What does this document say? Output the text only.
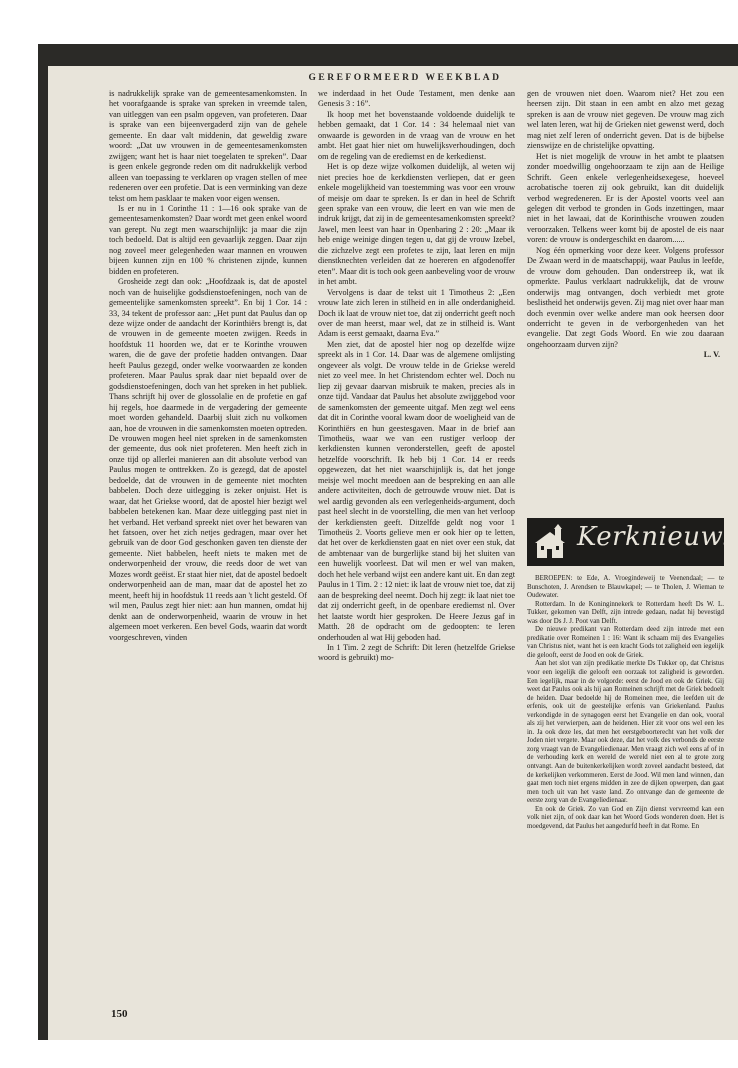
GEREFORMEERD WEEKBLAD

is nadrukkelijk sprake van de gemeentesamenkomsten. In het voorafgaande is sprake van spreken in vreemde talen, van uitleggen van een psalm opgeven, van profeteren. Daar is sprake van een bijeenvergaderd zijn van de gehele gemeente. En daar valt middenin, dat geweldig zware woord: „Dat uw vrouwen in de gemeentesamenkomsten zwijgen; want het is haar niet toegelaten te spreken”. Daar is geen enkele gegronde reden om dit nadrukkelijk verbod alleen van toepassing te verklaren op vragen stellen of mee redeneren over een profetie. Dat is een verminking van deze tekst om hem pasklaar te maken voor eigen wensen.

Is er nu in 1 Corinthe 11 : 1—16 ook sprake van de gemeentesamenkomsten? Daar wordt met geen enkel woord van gerept. Nu zegt men waarschijnlijk: ja maar die zijn toch bedoeld. Dat is altijd een gevaarlijk zeggen. Daar zijn nog zoveel meer gelegenheden waar mannen en vrouwen bijeen kunnen zijn en 100 % christenen zijnde, kunnen bidden en profeteren.

Grosheide zegt dan ook: „Hoofdzaak is, dat de apostel noch van de huiselijke godsdienstoefeningen, noch van de gemeentelijke samenkomsten spreekt”. En bij 1 Cor. 14 : 33, 34 tekent de professor aan: „Het punt dat Paulus dan op deze wijze onder de aandacht der Korinthiërs brengt is, dat de vrouwen in de gemeente moeten zwijgen. Reeds in hoofdstuk 11 hoorden we, dat er te Korinthe vrouwen waren, die de gave der profetie hadden ontvangen. Daar heeft Paulus gezegd, onder welke voorwaarden ze konden profeteren. Maar Paulus sprak daar niet bepaald over de godsdienstoefeningen, doch van het spreken in het publiek. Thans schrijft hij over de glossolalie en de profetie en gaf hij regels, hoe daarmede in de vergadering der gemeente moet worden gehandeld. Daarbij sluit zich nu volkomen aan, hoe de vrouwen in die samenkomsten moeten optreden. De vrouwen mogen heel niet spreken in de samenkomsten der gemeente, dus ook niet profeteren. Men heeft zich in onze tijd op allerlei manieren aan dit absolute verbod van Paulus mogen te onttrekken. Zo is gezegd, dat de apostel bedoelde, dat de vrouwen in de gemeente niet mochten babbelen. Doch deze uitlegging is zeker onjuist. Het is waar, dat het Griekse woord, dat de apostel hier bezigt wel babbelen betekenen kan. Maar deze uitlegging past niet in het verband. Het verband spreekt niet over het bewaren van het fatsoen, over het zich netjes gedragen, maar over het gebruik van de door God geschonken gaven ten dienste der gemeente. Niet babbelen, heeft niets te maken met de onderworpenheid der vrouw, die reeds door de wet van Mozes wordt geëist. Er staat hier niet, dat de apostel bedoelt onderworpenheid aan de man, maar dat de apostel het zo meent, heeft hij in hoofdstuk 11 reeds aan 't licht gesteld. Of wil men, Paulus zegt hier niet: aan hun mannen, omdat hij denkt aan de onderworpenheid, waarin de vrouw in het algemeen moet verkeren. Een bevel Gods, waarin dat wordt voorgeschreven, vinden

we inderdaad in het Oude Testament, men denke aan Genesis 3 : 16”.

Ik hoop met het bovenstaande voldoende duidelijk te hebben gemaakt, dat 1 Cor. 14 : 34 helemaal niet van onwaarde is geworden in de vraag van de vrouw en het ambt. Het gaat hier niet om huwelijksverhoudingen, doch om de regeling van de erediemst en de kerkedienst.

Het is op deze wijze volkomen duidelijk, al weten wij niet precies hoe de kerkdiensten verliepen, dat er geen enkele mogelijkheid van toestemming was voor een vrouw of meisje om daar te spreken. Is er dan in heel de Schrift geen sprake van een vrouw, die leert en van wie men de indruk krijgt, dat zij in de gemeentesamenkomsten spreekt? Jawel, men leest van haar in Openbaring 2 : 20: „Maar ik heb enige weinige dingen tegen u, dat gij de vrouw Izebel, die zichzelve zegt een profetes te zijn, laat leren en mijn dienstknechten verleiden dat ze hoereren en afgodenoffer eten”. Maar dit is toch ook geen aanbeveling voor de vrouw in het ambt.

Vervolgens is daar de tekst uit 1 Timotheus 2: „Een vrouw late zich leren in stilheid en in alle onderdanigheid. Doch ik laat de vrouw niet toe, dat zij onderricht geeft noch over de man heerst, maar wel, dat ze in stilheid is. Want Adam is eerst gemaakt, daarna Eva.”

Men ziet, dat de apostel hier nog op dezelfde wijze spreekt als in 1 Cor. 14. Daar was de algemene omlijsting ongeveer als volgt. De vrouw telde in de Griekse wereld niet zo veel mee. In het Christendom echter wel. Doch nu liep zij gevaar daarvan misbruik te maken, precies als in onze tijd. Vandaar dat Paulus het absolute zwijggebod voor de samenkomsten der gemeente uitgaf. Men zegt wel eens dat dit in Corinthe vooral kwam door de woeligheid van de Korinthiërs en hun geestesgaven. Maar in de brief aan Timotheüs, waar we van een rustiger verloop der kerkdiensten kunnen veronderstellen, geeft de apostel hetzelfde voorschrift. Ik heb bij 1 Cor. 14 er reeds opgewezen, dat het niet waarschijnlijk is, dat het jonge meisje wel mocht meedoen aan de bespreking en aan alle andere activiteiten, doch de getrouwde vrouw niet. Dat is wel aardig gevonden als een verlegenheids-argument, doch past heel slecht in de voorstelling, die men van het verloop der kerkdiensten geeft. Ditzelfde geldt nog voor 1 Timotheüs 2. Voorts gelieve men er ook hier op te letten, dat het over de kerkdiensten gaat en niet over een stuk, dat de ambtenaar van de burgerlijke stand bij het sluiten van een huwelijk voorleest. Dat wil men er wel van maken, doch het hele verband wijst een andere kant uit. En dan zegt Paulus in 1 Tim. 2 : 12 niet: ik laat de vrouw niet toe, dat zij aan de bespreking deel neemt. Doch hij zegt: ik laat niet toe dat zij onderricht geeft, in de openbare erediemst nl. Over het laatste wordt hier gesproken. De Heere Jezus gaf in Matth. 28 de opdracht om de gedoopten: te leren onderhouden al wat Hij geboden had.

In 1 Tim. 2 zegt de Schrift: Dit leren (hetzelfde Griekse woord is gebruikt) mo-

gen de vrouwen niet doen. Waarom niet? Het zou een heersen zijn. Dit staan in een ambt en alzo met gezag spreken is aan de vrouw niet gegeven. De vrouw mag zich wel laten leren, wat hij de Grieken niet gewenst werd, doch mag niet zelf leren of onderricht geven. Dat is de bijbelse zienswijze en de christelijke opvatting.

Het is niet mogelijk de vrouw in het ambt te plaatsen zonder moedwillig ongehoorzaam te zijn aan de Heilige Schrift. Geen enkele verlegenheidsexegese, hoeveel acrobatische toeren zij ook gebruikt, kan dit duidelijk verbod wegredeneren. Er is der Apostel voorts veel aan gelegen dit verbod te gronden in Gods inzettingen, maar niet in het lawaai, dat de Korinthische vrouwen zouden veroorzaken. Telkens weer komt bij de apostel de eis naar voren: de vrouw is ondergeschikt en daarom......

Nog één opmerking voor deze keer. Volgens professor De Zwaan werd in de maatschappij, waar Paulus in leefde, de vrouw dom gehouden. Dan onderstreep ik, wat ik opmerkte. Paulus verklaart nadrukkelijk, dat de vrouw onderwijs mag ontvangen, doch verbiedt met grote beslistheid het onderwijs geven. Zij mag niet over haar man doch evenmin over welke andere man ook heersen door onderricht te geven in de verborgenheden van het evangelie. Dat zegt Gods Woord. En wie zou daaraan ongehoorzaam durven zijn?

L. V.
Kerknieuws

BEROEPEN: te Ede, A. Vroegindeweij te Veenendaal; — te Bunschoten, J. Arendsen te Blauwkapel; — te Tholen, J. Wieman te Oudewater.

Rotterdam. In de Koninginnekerk te Rotterdam heeft Ds W. L. Tukker, gekomen van Delft, zijn intrede gedaan, nadat hij bevestigd was door Ds J. J. Poot van Delft.

De nieuwe predikant van Rotterdam deed zijn intrede met een predikatie over Romeinen 1 : 16: Want ik schaam mij des Evangelies van Christus niet, want het is een kracht Gods tot zaligheid een iegelijk die gelooft, eerst de Jood en ook de Griek.

Aan het slot van zijn predikatie merkte Ds Tukker op, dat Christus voor een iegelijk die gelooft een oorzaak tot zaligheid is geworden. Een iegelijk, maar in de volgorde: eerst de Jood en ook de Griek. Gij weet dat Paulus ook als hij aan Romeinen schrijft met de Griek bedoelt de heiden. Daar bedoelde hij de Romeinen mee, die leefden uit de erfenis, ook uit de geestelijke erfenis van Griekenland. Paulus verkondigde in de synagogen eerst het Evangelie en dan ook, vooral als zij het verwierpen, aan de heidenen. Hier zit voor ons wel een les in. Ja ook deze les, dat men het eerstgeboorterecht van het volk der Joden niet vergete. Maar ook deze, dat het volk des verbonds de eerste zorg vraagt van de Evangeliedienaar. Men vraagt zich wel eens af of in de verhouding kerk en wereld de wereld niet een al te grote zorg ontvangt. Aan de buitenkerkelijken wordt zoveel aandacht besteed, dat de kerkelijken verkommeren. Eerst de Jood. Wil men land winnen, dan gaat men toch niet ergens midden in zee de dijken opwerpen, dan gaat men toch uit van het vaste land. Zo ontvange dan de gemeente de eerste zorg van de Evangeliedienaar.

En ook de Griek. Zo van God en Zijn dienst vervreemd kan een volk niet zijn, of ook daar kan het Woord Gods wonderen doen. Het is moedgevend, dat Paulus het aangedurfd heeft in dat Rome. En

150
